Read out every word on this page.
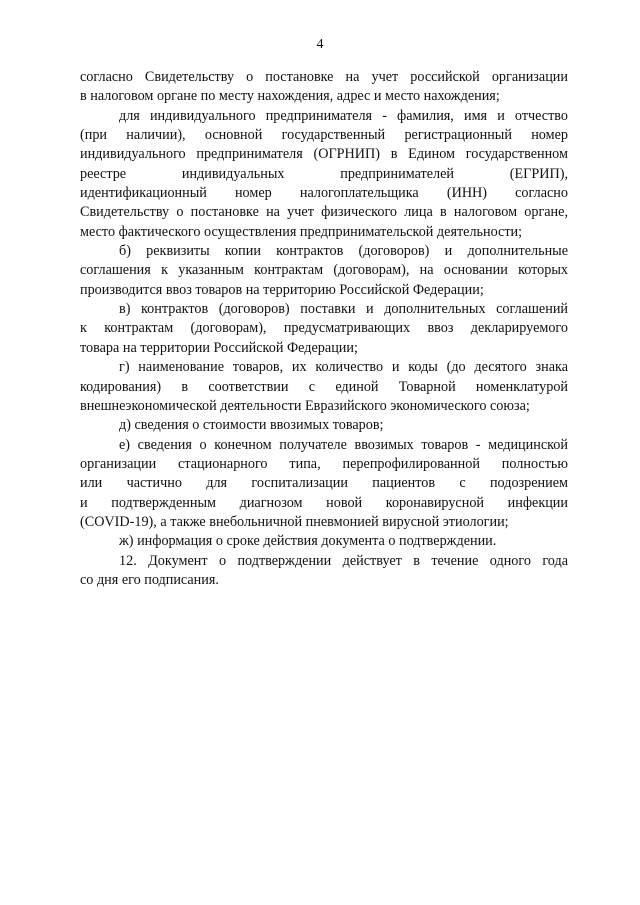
4
согласно Свидетельству о постановке на учет российской организации
в налоговом органе по месту нахождения, адрес и место нахождения;
для индивидуального предпринимателя - фамилия, имя и отчество
(при наличии), основной государственный регистрационный номер
индивидуального предпринимателя (ОГРНИП) в Едином государственном
реестре индивидуальных предпринимателей (ЕГРИП),
идентификационный номер налогоплательщика (ИНН) согласно
Свидетельству о постановке на учет физического лица в налоговом органе,
место фактического осуществления предпринимательской деятельности;
б) реквизиты копии контрактов (договоров) и дополнительные
соглашения к указанным контрактам (договорам), на основании которых
производится ввоз товаров на территорию Российской Федерации;
в) контрактов (договоров) поставки и дополнительных соглашений
к контрактам (договорам), предусматривающих ввоз декларируемого
товара на территории Российской Федерации;
г) наименование товаров, их количество и коды (до десятого знака
кодирования) в соответствии с единой Товарной номенклатурой
внешнеэкономической деятельности Евразийского экономического союза;
д) сведения о стоимости ввозимых товаров;
е) сведения о конечном получателе ввозимых товаров - медицинской
организации стационарного типа, перепрофилированной полностью
или частично для госпитализации пациентов с подозрением
и подтвержденным диагнозом новой коронавирусной инфекции
(COVID-19), а также внебольничной пневмонией вирусной этиологии;
ж) информация о сроке действия документа о подтверждении.
12. Документ о подтверждении действует в течение одного года
со дня его подписания.
